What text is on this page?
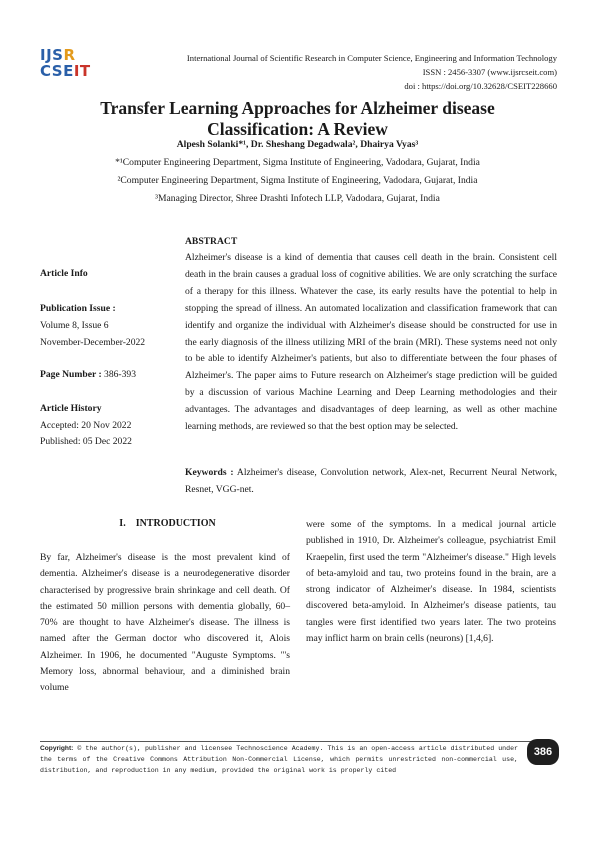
IJSR
CSEIT
International Journal of Scientific Research in Computer Science, Engineering and Information Technology
ISSN : 2456-3307 (www.ijsrcseit.com)
doi : https://doi.org/10.32628/CSEIT228660
Transfer Learning Approaches for Alzheimer disease
Classification: A Review
Alpesh Solanki*¹, Dr. Sheshang Degadwala², Dhairya Vyas³
*¹Computer Engineering Department, Sigma Institute of Engineering, Vadodara, Gujarat, India
²Computer Engineering Department, Sigma Institute of Engineering, Vadodara, Gujarat, India
³Managing Director, Shree Drashti Infotech LLP, Vadodara, Gujarat, India
Article Info
Publication Issue :
Volume 8, Issue 6
November-December-2022
Page Number : 386-393
Article History
Accepted: 20 Nov 2022
Published: 05 Dec 2022
ABSTRACT
Alzheimer's disease is a kind of dementia that causes cell death in the brain. Consistent cell death in the brain causes a gradual loss of cognitive abilities. We are only scratching the surface of a therapy for this illness. Whatever the case, its early results have the potential to help in stopping the spread of illness. An automated localization and classification framework that can identify and organize the individual with Alzheimer's disease should be constructed for use in the early diagnosis of the illness utilizing MRI of the brain (MRI). These systems need not only to be able to identify Alzheimer's patients, but also to differentiate between the four phases of Alzheimer's. The paper aims to Future research on Alzheimer's stage prediction will be guided by a discussion of various Machine Learning and Deep Learning methodologies and their advantages. The advantages and disadvantages of deep learning, as well as other machine learning methods, are reviewed so that the best option may be selected.
Keywords : Alzheimer's disease, Convolution network, Alex-net, Recurrent Neural Network, Resnet, VGG-net.
I.    INTRODUCTION
By far, Alzheimer's disease is the most prevalent kind of dementia. Alzheimer's disease is a neurodegenerative disorder characterised by progressive brain shrinkage and cell death. Of the estimated 50 million persons with dementia globally, 60–70% are thought to have Alzheimer's disease. The illness is named after the German doctor who discovered it, Alois Alzheimer. In 1906, he documented "Auguste Symptoms. "'s Memory loss, abnormal behaviour, and a diminished brain volume
were some of the symptoms. In a medical journal article published in 1910, Dr. Alzheimer's colleague, psychiatrist Emil Kraepelin, first used the term "Alzheimer's disease." High levels of beta-amyloid and tau, two proteins found in the brain, are a strong indicator of Alzheimer's disease. In 1984, scientists discovered beta-amyloid. In Alzheimer's disease patients, tau tangles were first identified two years later. The two proteins may inflict harm on brain cells (neurons) [1,4,6].
Copyright: © the author(s), publisher and licensee Technoscience Academy. This is an open-access article distributed under the terms of the Creative Commons Attribution Non-Commercial License, which permits unrestricted non-commercial use, distribution, and reproduction in any medium, provided the original work is properly cited
386
